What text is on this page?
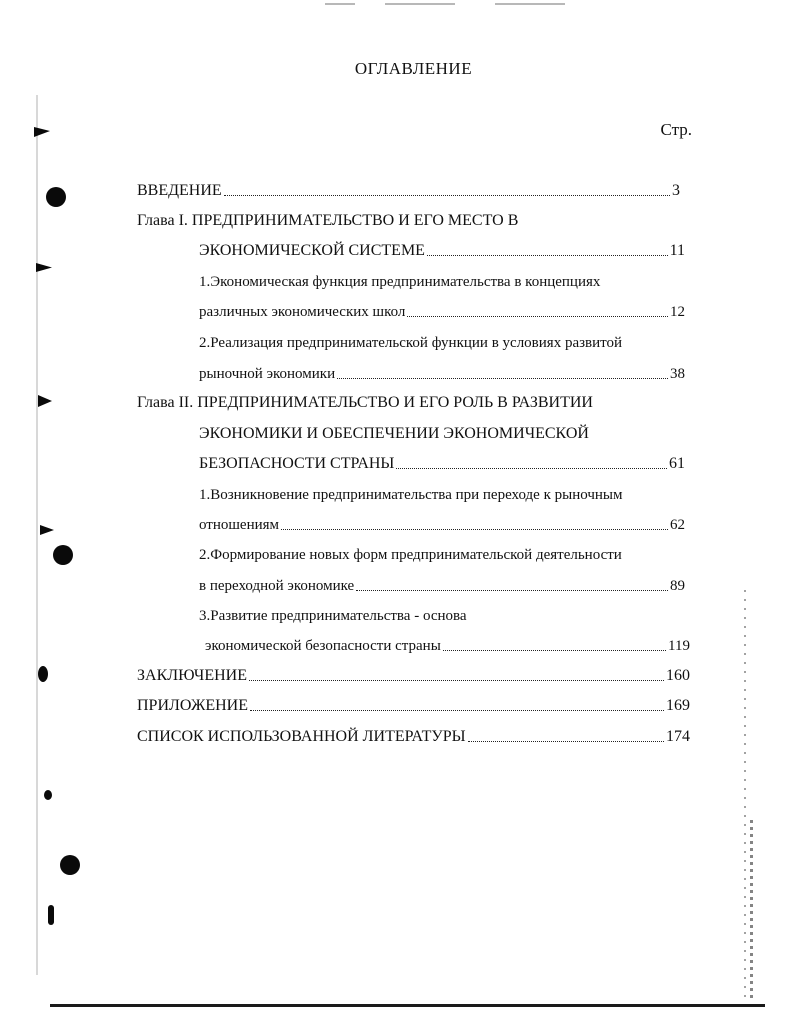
ОГЛАВЛЕНИЕ
Стр.
ВВЕДЕНИЕ	3
Глава I. ПРЕДПРИНИМАТЕЛЬСТВО И ЕГО МЕСТО В
ЭКОНОМИЧЕСКОЙ СИСТЕМЕ	11
1.Экономическая функция предпринимательства в концепциях
различных экономических школ	12
2.Реализация предпринимательской функции в условиях развитой
рыночной экономики	38
Глава II. ПРЕДПРИНИМАТЕЛЬСТВО И ЕГО РОЛЬ В РАЗВИТИИ
ЭКОНОМИКИ И ОБЕСПЕЧЕНИИ ЭКОНОМИЧЕСКОЙ
БЕЗОПАСНОСТИ СТРАНЫ	61
1.Возникновение предпринимательства при переходе к рыночным
отношениям	62
2.Формирование новых форм предпринимательской деятельности
в переходной экономике	89
3.Развитие предпринимательства - основа
экономической безопасности страны	119
ЗАКЛЮЧЕНИЕ	160
ПРИЛОЖЕНИЕ	169
СПИСОК ИСПОЛЬЗОВАННОЙ ЛИТЕРАТУРЫ	174
